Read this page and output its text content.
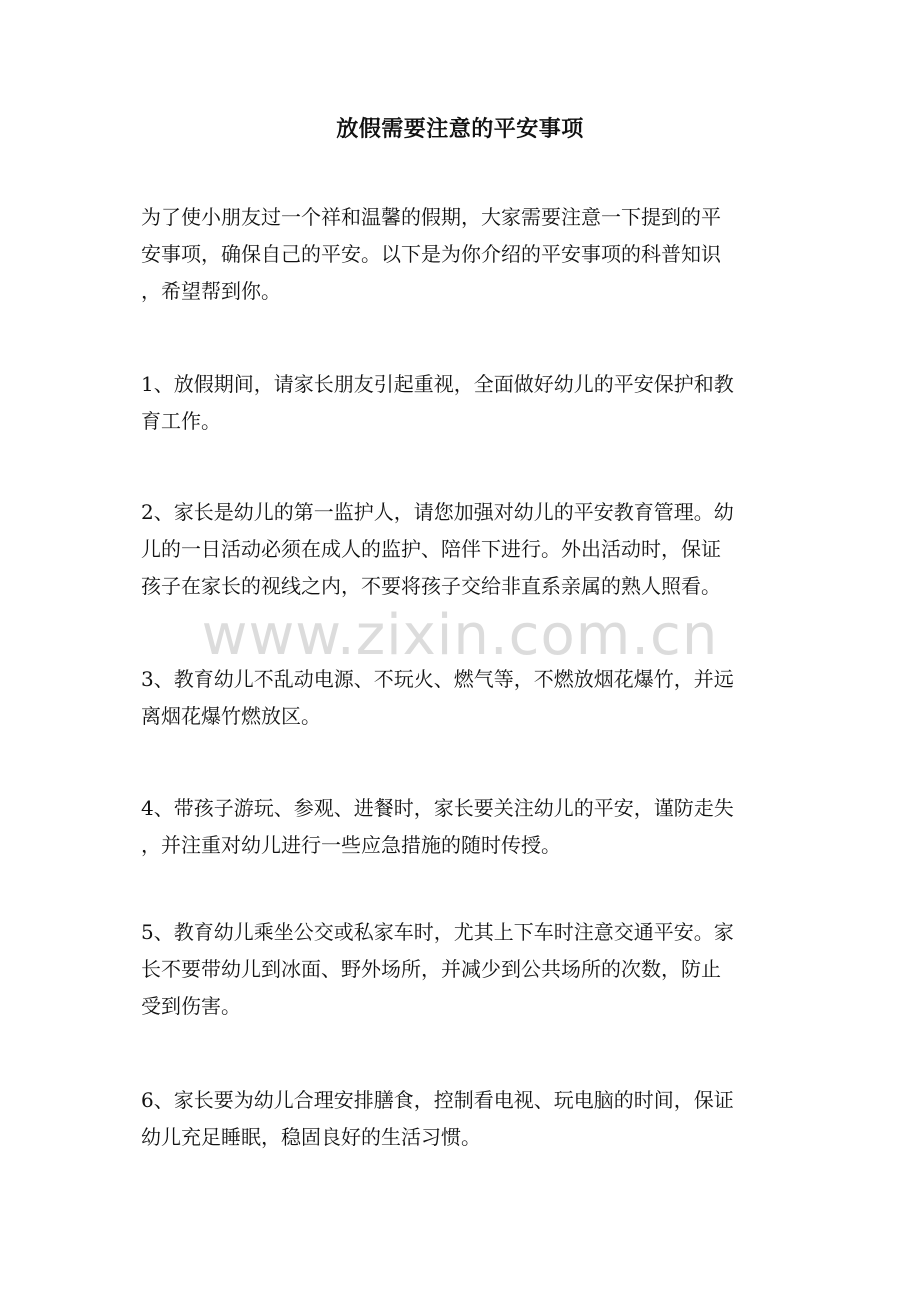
放假需要注意的平安事项
为了使小朋友过一个祥和温馨的假期，大家需要注意一下提到的平
安事项，确保自己的平安。以下是为你介绍的平安事项的科普知识
，希望帮到你。
1、放假期间，请家长朋友引起重视，全面做好幼儿的平安保护和教
育工作。
2、家长是幼儿的第一监护人，请您加强对幼儿的平安教育管理。幼
儿的一日活动必须在成人的监护、陪伴下进行。外出活动时，保证
孩子在家长的视线之内，不要将孩子交给非直系亲属的熟人照看。
www.zixin.com.cn
3、教育幼儿不乱动电源、不玩火、燃气等，不燃放烟花爆竹，并远
离烟花爆竹燃放区。
4、带孩子游玩、参观、进餐时，家长要关注幼儿的平安，谨防走失
，并注重对幼儿进行一些应急措施的随时传授。
5、教育幼儿乘坐公交或私家车时，尤其上下车时注意交通平安。家
长不要带幼儿到冰面、野外场所，并减少到公共场所的次数，防止
受到伤害。
6、家长要为幼儿合理安排膳食，控制看电视、玩电脑的时间，保证
幼儿充足睡眠，稳固良好的生活习惯。
